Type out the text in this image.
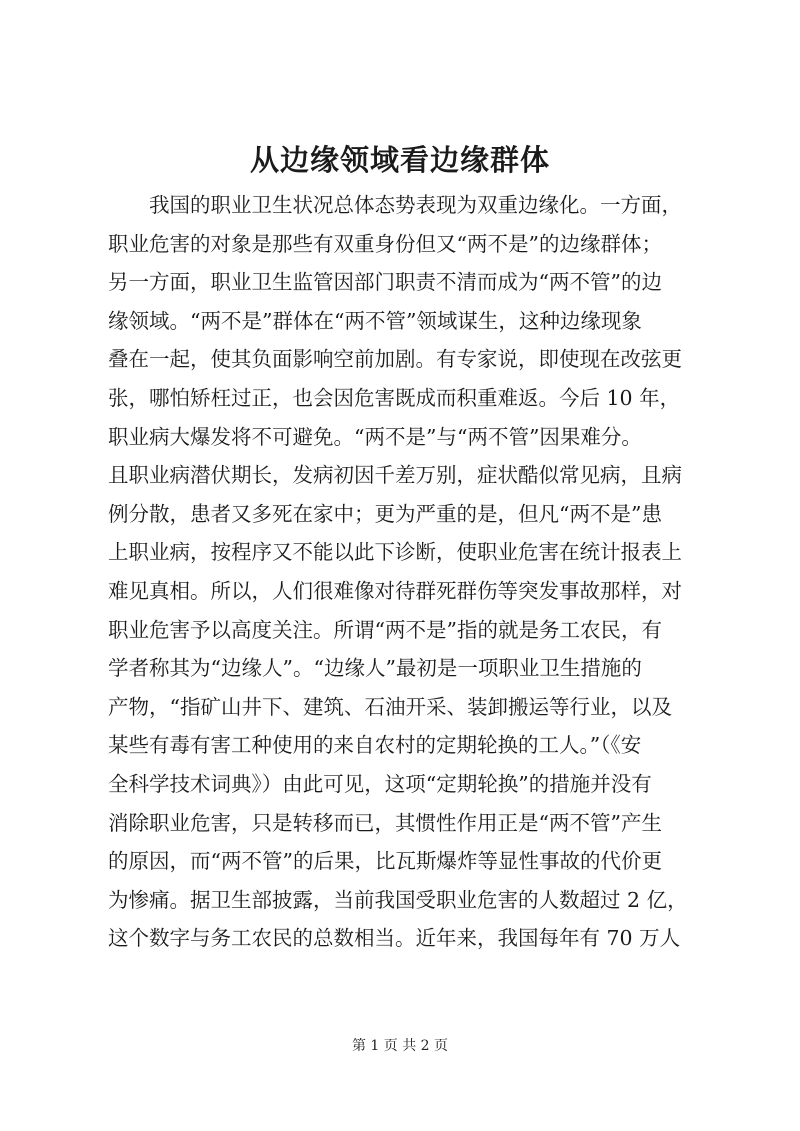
从边缘领域看边缘群体
我国的职业卫生状况总体态势表现为双重边缘化。一方面，
职业危害的对象是那些有双重身份但又“两不是”的边缘群体；
另一方面，职业卫生监管因部门职责不清而成为“两不管”的边
缘领域。“两不是”群体在“两不管”领域谋生，这种边缘现象
叠在一起，使其负面影响空前加剧。有专家说，即使现在改弦更
张，哪怕矫枉过正，也会因危害既成而积重难返。今后 10 年，
职业病大爆发将不可避免。“两不是”与“两不管”因果难分。
且职业病潜伏期长，发病初因千差万别，症状酷似常见病，且病
例分散，患者又多死在家中；更为严重的是，但凡“两不是”患
上职业病，按程序又不能以此下诊断，使职业危害在统计报表上
难见真相。所以，人们很难像对待群死群伤等突发事故那样，对
职业危害予以高度关注。所谓“两不是”指的就是务工农民，有
学者称其为“边缘人”。“边缘人”最初是一项职业卫生措施的
产物，“指矿山井下、建筑、石油开采、装卸搬运等行业，以及
某些有毒有害工种使用的来自农村的定期轮换的工人。”（《安
全科学技术词典》）由此可见，这项“定期轮换”的措施并没有
消除职业危害，只是转移而已，其惯性作用正是“两不管”产生
的原因，而“两不管”的后果，比瓦斯爆炸等显性事故的代价更
为惨痛。据卫生部披露，当前我国受职业危害的人数超过 2 亿，
这个数字与务工农民的总数相当。近年来，我国每年有 70 万人
第 1 页 共 2 页
